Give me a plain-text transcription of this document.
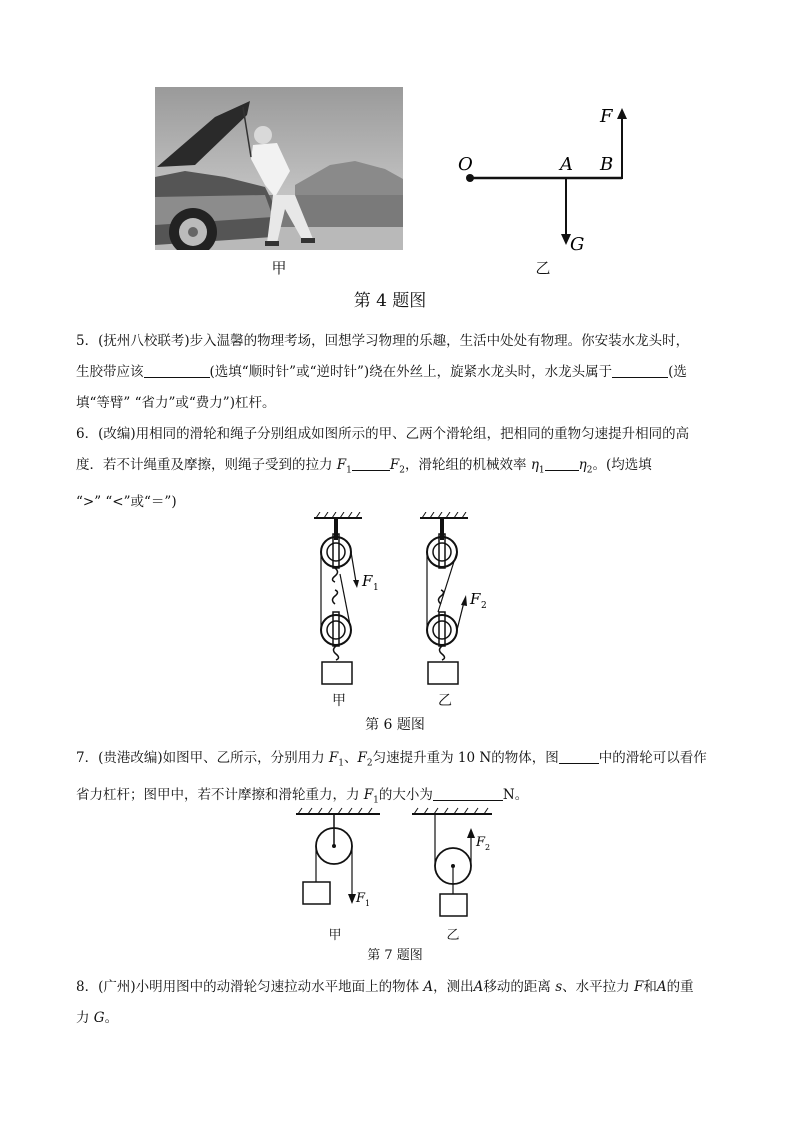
甲
O	A B
F
G
乙
第 4 题图
5．(抚州八校联考)步入温馨的物理考场，回想学习物理的乐趣，生活中处处有物理。你安装水龙头时，
生胶带应该	(选填“顺时针”或“逆时针”)绕在外丝上，旋紧水龙头时，水龙头属于	(选
填“等臂” “省力”或“费力”)杠杆。
6．(改编)用相同的滑轮和绳子分别组成如图所示的甲、乙两个滑轮组，把相同的重物匀速提升相同的高
度．若不计绳重及摩擦，则绳子受到的拉力 $F_1$	$F_2$，滑轮组的机械效率 $\eta_1$	$\eta_2$。(均选填
“>” “<”或“＝”)
F 1
F 2
甲	乙
第 6 题图
7．(贵港改编)如图甲、乙所示，分别用力 $F_1$、$F_2$匀速提升重为 10 N的物体，图	中的滑轮可以看作
省力杠杆；图甲中，若不计摩擦和滑轮重力，力 $F_1$的大小为	N。
F 1
F 2
甲	乙
第 7 题图
8．(广州)小明用图中的动滑轮匀速拉动水平地面上的物体 A，测出A移动的距离 s、水平拉力 F和A的重
力 G。
